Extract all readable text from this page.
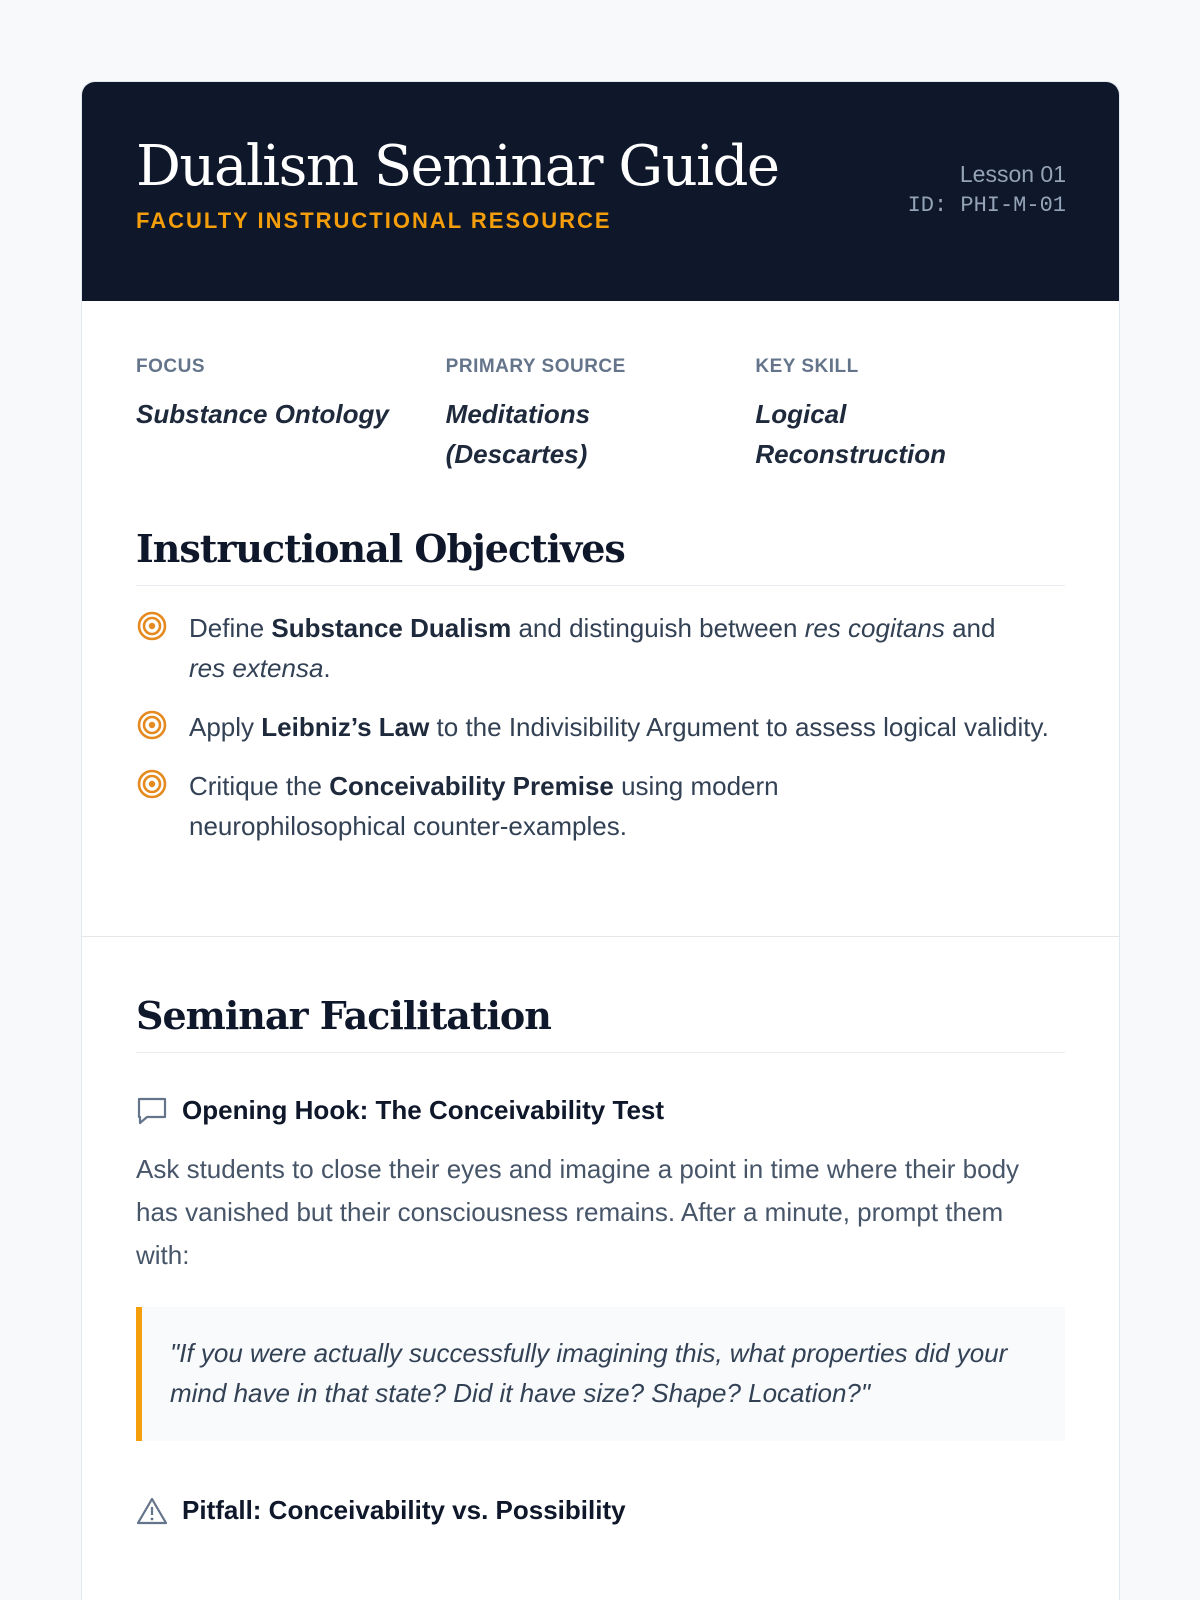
Dualism Seminar Guide
FACULTY INSTRUCTIONAL RESOURCE
Lesson 01
ID: PHI-M-01
FOCUS
Substance Ontology
PRIMARY SOURCE
Meditations (Descartes)
KEY SKILL
Logical Reconstruction
Instructional Objectives
Define Substance Dualism and distinguish between res cogitans and
res extensa.
Apply Leibniz’s Law to the Indivisibility Argument to assess logical validity.
Critique the Conceivability Premise using modern neurophilosophical counter-examples.
Seminar Facilitation
Opening Hook: The Conceivability Test

Ask students to close their eyes and imagine a point in time where their body has vanished but their consciousness remains. After a minute, prompt them with:

"If you were actually successfully imagining this, what properties did your mind have in that state? Did it have size? Shape? Location?"
Pitfall: Conceivability vs. Possibility
